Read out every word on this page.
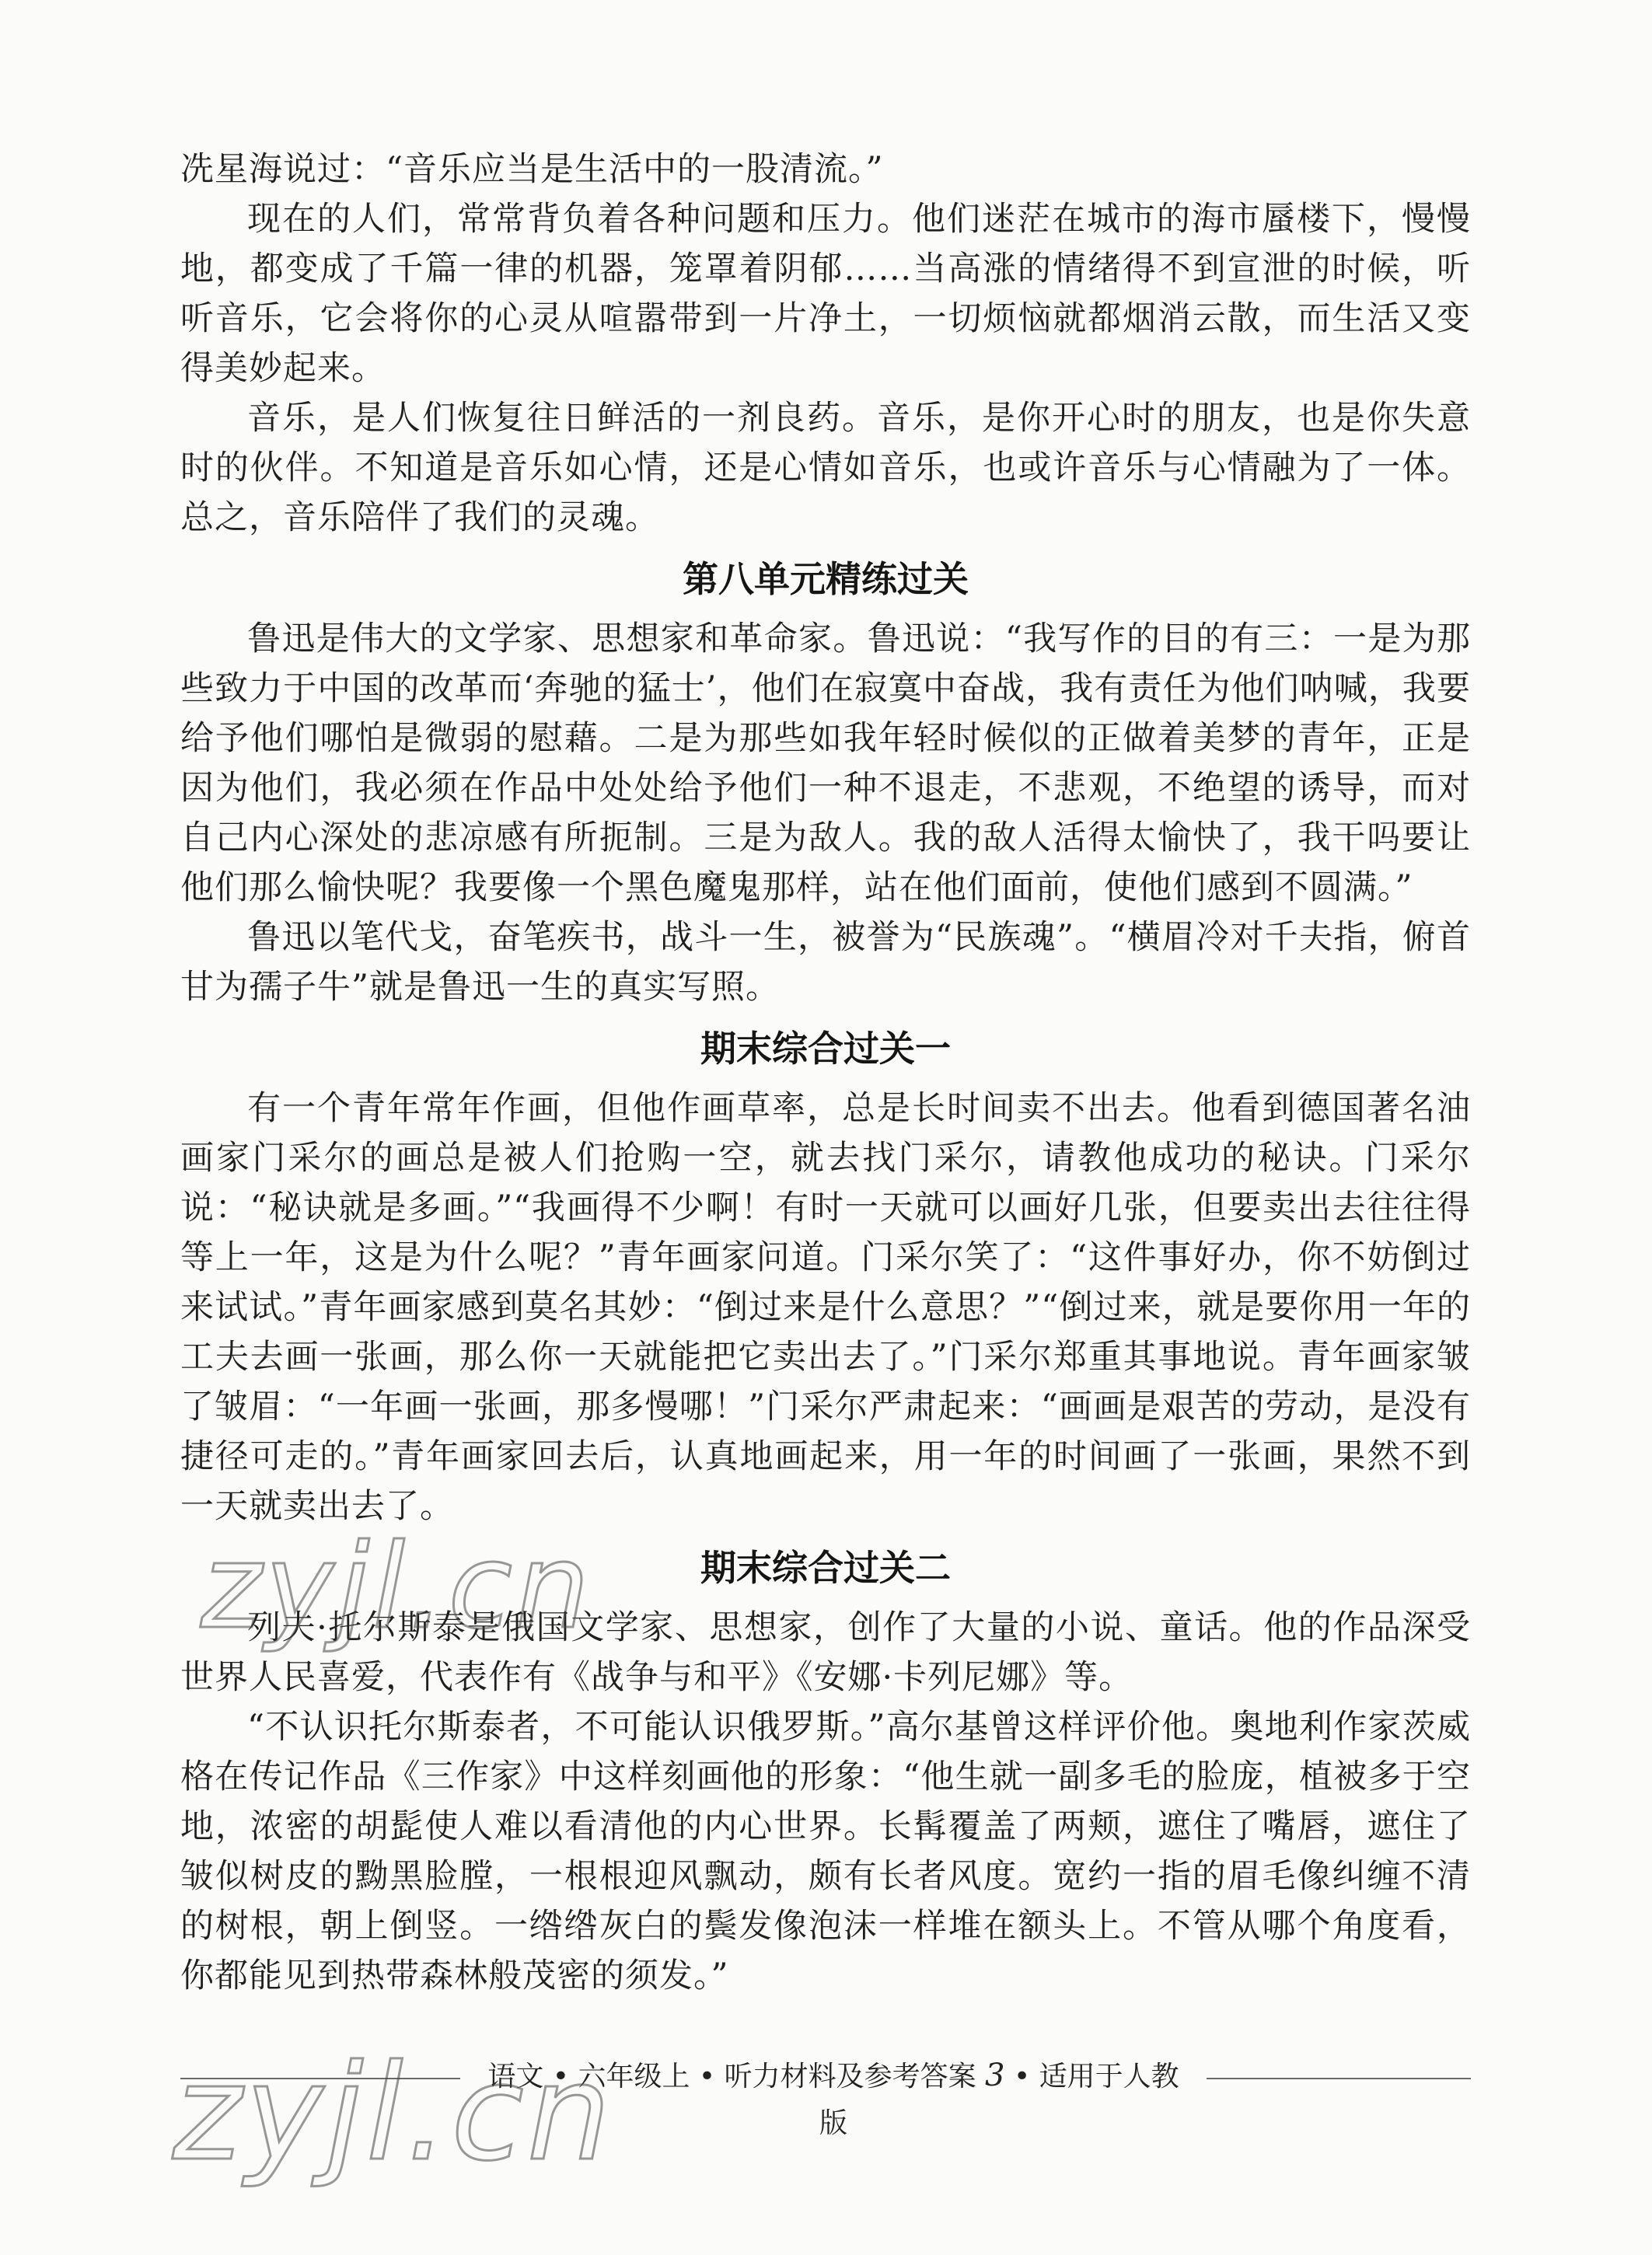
冼星海说过：“音乐应当是生活中的一股清流。”

现在的人们，常常背负着各种问题和压力。他们迷茫在城市的海市蜃楼下，慢慢地，都变成了千篇一律的机器，笼罩着阴郁……当高涨的情绪得不到宣泄的时候，听听音乐，它会将你的心灵从喧嚣带到一片净土，一切烦恼就都烟消云散，而生活又变得美妙起来。

音乐，是人们恢复往日鲜活的一剂良药。音乐，是你开心时的朋友，也是你失意时的伙伴。不知道是音乐如心情，还是心情如音乐，也或许音乐与心情融为了一体。总之，音乐陪伴了我们的灵魂。

第八单元精练过关

鲁迅是伟大的文学家、思想家和革命家。鲁迅说：“我写作的目的有三：一是为那些致力于中国的改革而‘奔驰的猛士’，他们在寂寞中奋战，我有责任为他们呐喊，我要给予他们哪怕是微弱的慰藉。二是为那些如我年轻时候似的正做着美梦的青年，正是因为他们，我必须在作品中处处给予他们一种不退走，不悲观，不绝望的诱导，而对自己内心深处的悲凉感有所扼制。三是为敌人。我的敌人活得太愉快了，我干吗要让他们那么愉快呢？我要像一个黑色魔鬼那样，站在他们面前，使他们感到不圆满。”

鲁迅以笔代戈，奋笔疾书，战斗一生，被誉为“民族魂”。“横眉冷对千夫指，俯首甘为孺子牛”就是鲁迅一生的真实写照。

期末综合过关一

有一个青年常年作画，但他作画草率，总是长时间卖不出去。他看到德国著名油画家门采尔的画总是被人们抢购一空，就去找门采尔，请教他成功的秘诀。门采尔说：“秘诀就是多画。”“我画得不少啊！有时一天就可以画好几张，但要卖出去往往得等上一年，这是为什么呢？”青年画家问道。门采尔笑了：“这件事好办，你不妨倒过来试试。”青年画家感到莫名其妙：“倒过来是什么意思？”“倒过来，就是要你用一年的工夫去画一张画，那么你一天就能把它卖出去了。”门采尔郑重其事地说。青年画家皱了皱眉：“一年画一张画，那多慢哪！”门采尔严肃起来：“画画是艰苦的劳动，是没有捷径可走的。”青年画家回去后，认真地画起来，用一年的时间画了一张画，果然不到一天就卖出去了。

期末综合过关二

列夫·托尔斯泰是俄国文学家、思想家，创作了大量的小说、童话。他的作品深受世界人民喜爱，代表作有《战争与和平》《安娜·卡列尼娜》等。

“不认识托尔斯泰者，不可能认识俄罗斯。”高尔基曾这样评价他。奥地利作家茨威格在传记作品《三作家》中这样刻画他的形象：“他生就一副多毛的脸庞，植被多于空地，浓密的胡髭使人难以看清他的内心世界。长髯覆盖了两颊，遮住了嘴唇，遮住了皱似树皮的黝黑脸膛，一根根迎风飘动，颇有长者风度。宽约一指的眉毛像纠缠不清的树根，朝上倒竖。一绺绺灰白的鬓发像泡沫一样堆在额头上。不管从哪个角度看，你都能见到热带森林般茂密的须发。”

zyjl.cn
语文 • 六年级上 • 听力材料及参考答案 3 • 适用于人教版
zyjl.cn
